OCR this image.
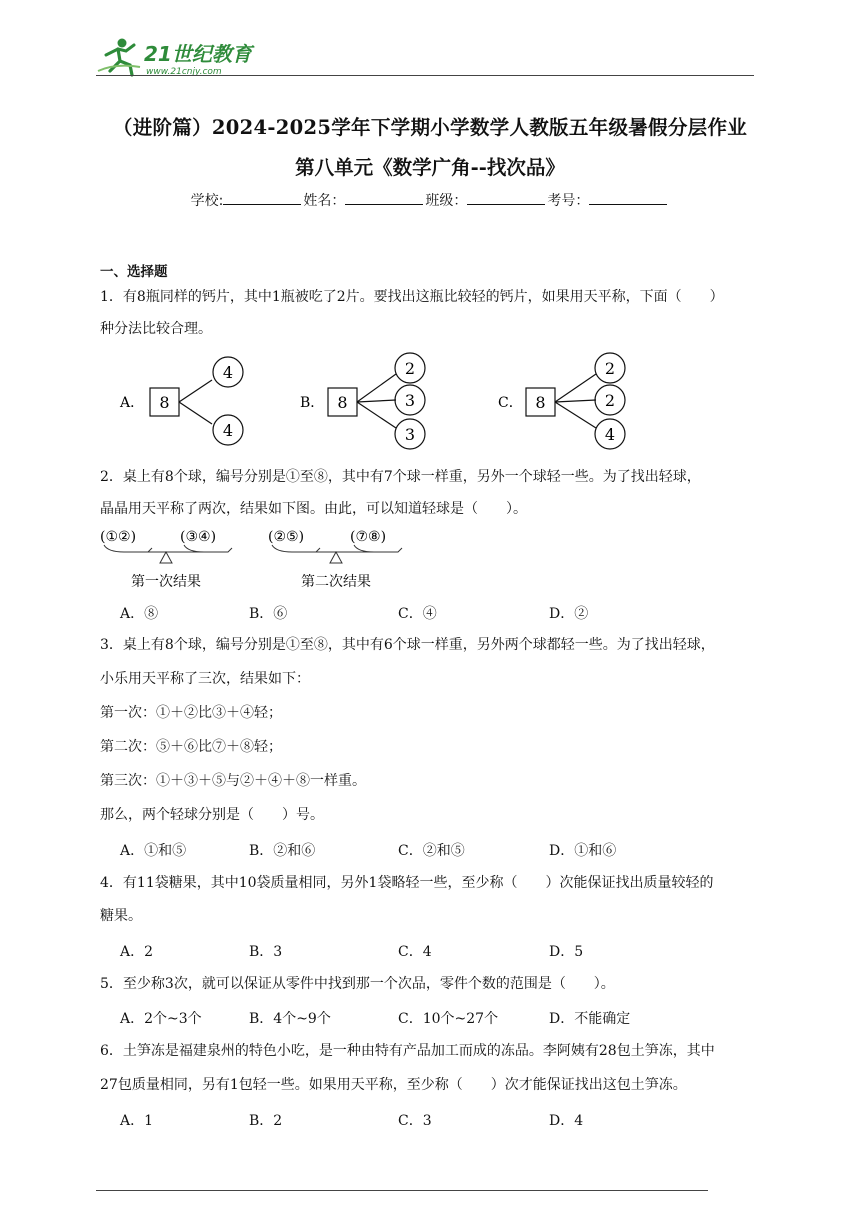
21世纪教育
www.21cnjy.com
（进阶篇）2024-2025学年下学期小学数学人教版五年级暑假分层作业
第八单元《数学广角--找次品》
学校:	姓名：	班级：	考号：
一、选择题
1．有8瓶同样的钙片，其中1瓶被吃了2片。要找出这瓶比较轻的钙片，如果用天平称，下面（　　）
种分法比较合理。
A． 8
4
4
B． 8
2
3
3
C． 8
2
2
4
2．桌上有8个球，编号分别是①至⑧，其中有7个球一样重，另外一个球轻一些。为了找出轻球，
晶晶用天平称了两次，结果如下图。由此，可以知道轻球是（　　）。
(①②)	(③④)
第一次结果
(②⑤)	(⑦⑧)
第二次结果
A．⑧	B．⑥	C．④	D．②
3．桌上有8个球，编号分别是①至⑧，其中有6个球一样重，另外两个球都轻一些。为了找出轻球，
小乐用天平称了三次，结果如下：
第一次：①＋②比③＋④轻；
第二次：⑤＋⑥比⑦＋⑧轻；
第三次：①＋③＋⑤与②＋④＋⑧一样重。
那么，两个轻球分别是（　　）号。
A．①和⑤	B．②和⑥	C．②和⑤	D．①和⑥
4．有11袋糖果，其中10袋质量相同，另外1袋略轻一些，至少称（　　）次能保证找出质量较轻的
糖果。
A．2	B．3	C．4	D．5
5．至少称3次，就可以保证从零件中找到那一个次品，零件个数的范围是（　　）。
A．2个~3个	B．4个~9个	C．10个~27个	D．不能确定
6．土笋冻是福建泉州的特色小吃，是一种由特有产品加工而成的冻品。李阿姨有28包土笋冻，其中
27包质量相同，另有1包轻一些。如果用天平称，至少称（　　）次才能保证找出这包土笋冻。
A．1	B．2	C．3	D．4
